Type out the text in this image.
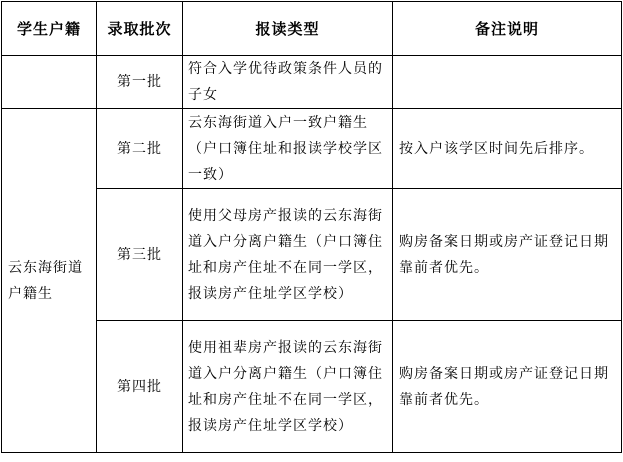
学生户籍	录取批次	报读类型	备注说明
	第一批	符合入学优待政策条件人员的子女	
云东海街道户籍生	第二批	云东海街道入户一致户籍生（户口簿住址和报读学校学区一致）	按入户该学区时间先后排序。
	第三批	使用父母房产报读的云东海街道入户分离户籍生（户口簿住址和房产住址不在同一学区，报读房产住址学区学校）	购房备案日期或房产证登记日期靠前者优先。
	第四批	使用祖辈房产报读的云东海街道入户分离户籍生（户口簿住址和房产住址不在同一学区，报读房产住址学区学校）	购房备案日期或房产证登记日期靠前者优先。
